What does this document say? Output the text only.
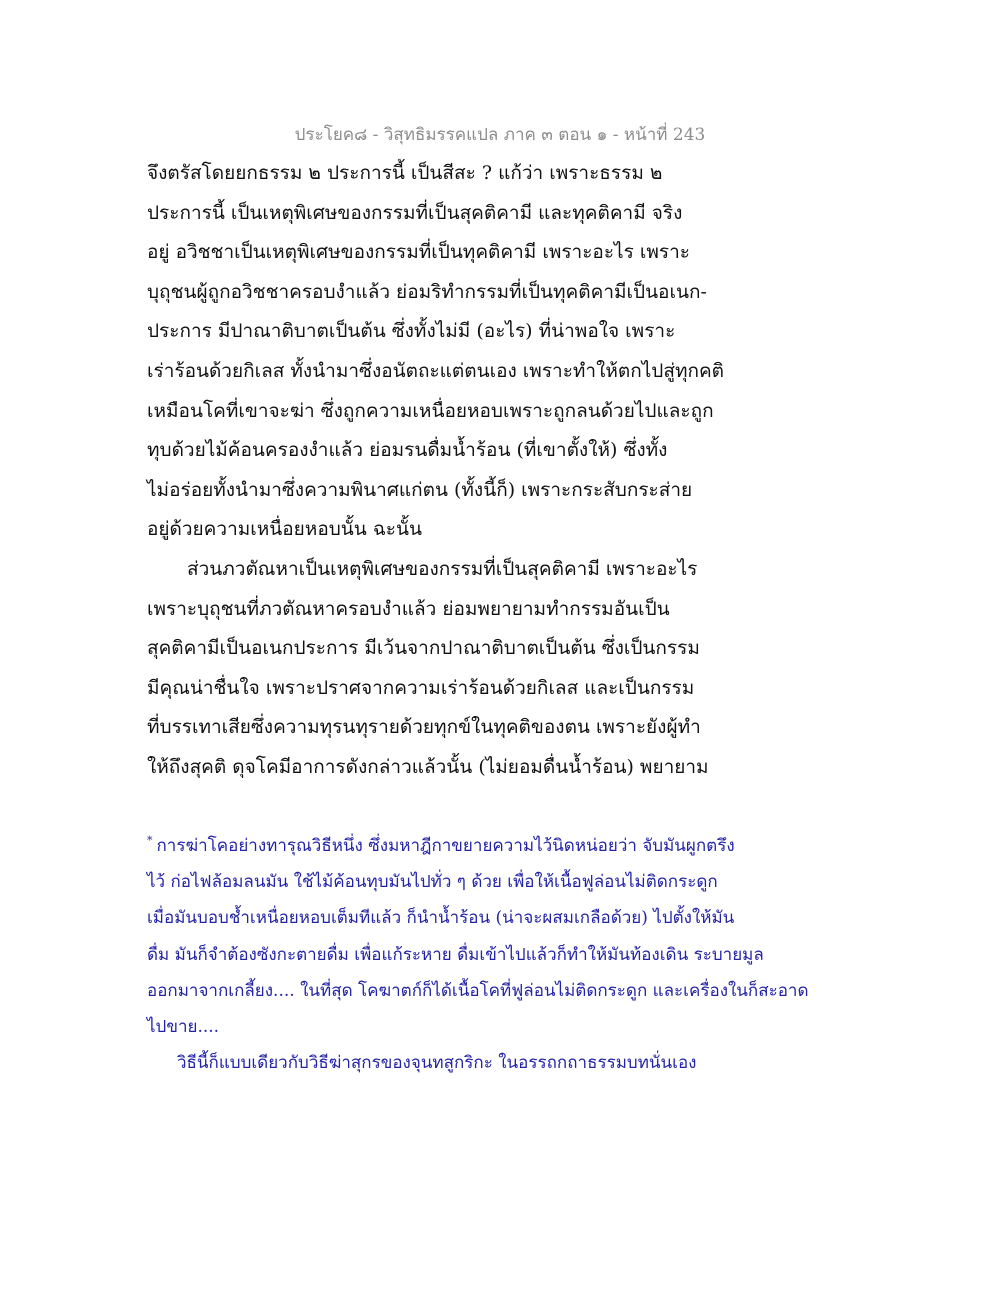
ประโยค๘ - วิสุทธิมรรคแปล ภาค ๓ ตอน ๑ - หน้าที่ 243
จึงตรัสโดยยกธรรม ๒ ประการนี้ เป็นสีสะ ? แก้ว่า เพราะธรรม ๒
ประการนี้ เป็นเหตุพิเศษของกรรมที่เป็นสุคติคามี และทุคติคามี จริง
อยู่ อวิชชาเป็นเหตุพิเศษของกรรมที่เป็นทุคติคามี เพราะอะไร เพราะ
บุถุชนผู้ถูกอวิชชาครอบงำแล้ว ย่อมริทำกรรมที่เป็นทุคติคามีเป็นอเนก-
ประการ มีปาณาติบาตเป็นต้น ซึ่งทั้งไม่มี (อะไร) ที่น่าพอใจ เพราะ
เร่าร้อนด้วยกิเลส ทั้งนำมาซึ่งอนัตถะแต่ตนเอง เพราะทำให้ตกไปสู่ทุกคติ
เหมือนโคที่เขาจะฆ่า ซึ่งถูกความเหนื่อยหอบเพราะถูกลนด้วยไปและถูก
ทุบด้วยไม้ค้อนครองงำแล้ว ย่อมรนดื่มน้ำร้อน (ที่เขาตั้งให้) ซึ่งทั้ง
ไม่อร่อยทั้งนำมาซึ่งความพินาศแก่ตน (ทั้งนี้ก็) เพราะกระสับกระส่าย
อยู่ด้วยความเหนื่อยหอบนั้น ฉะนั้น
ส่วนภวตัณหาเป็นเหตุพิเศษของกรรมที่เป็นสุคติคามี เพราะอะไร
เพราะบุถุชนที่ภวตัณหาครอบงำแล้ว ย่อมพยายามทำกรรมอันเป็น
สุคติคามีเป็นอเนกประการ มีเว้นจากปาณาติบาตเป็นต้น ซึ่งเป็นกรรม
มีคุณน่าชื่นใจ เพราะปราศจากความเร่าร้อนด้วยกิเลส และเป็นกรรม
ที่บรรเทาเสียซึ่งความทุรนทุรายด้วยทุกข์ในทุคติของตน เพราะยังผู้ทำ
ให้ถึงสุคติ ดุจโคมีอาการดังกล่าวแล้วนั้น (ไม่ยอมดื่นน้ำร้อน) พยายาม
* การฆ่าโคอย่างทารุณวิธีหนึ่ง ซึ่งมหาฎีกาขยายความไว้นิดหน่อยว่า จับมันผูกตรึง
ไว้ ก่อไฟล้อมลนมัน ใช้ไม้ค้อนทุบมันไปทั่ว ๆ ด้วย เพื่อให้เนื้อฟูล่อนไม่ติดกระดูก
เมื่อมันบอบช้ำเหนื่อยหอบเต็มทีแล้ว ก็นำน้ำร้อน (น่าจะผสมเกลือด้วย) ไปตั้งให้มัน
ดื่ม มันก็จำต้องซังกะตายดื่ม เพื่อแก้ระหาย ดื่มเข้าไปแล้วก็ทำให้มันท้องเดิน ระบายมูล
ออกมาจากเกลี้ยง.... ในที่สุด โคฆาตก์ก็ได้เนื้อโคที่ฟูล่อนไม่ติดกระดูก และเครื่องในก็สะอาด
ไปขาย....
วิธีนี้ก็แบบเดียวกับวิธีฆ่าสุกรของจุนทสูกริกะ ในอรรถกถาธรรมบทนั่นเอง
